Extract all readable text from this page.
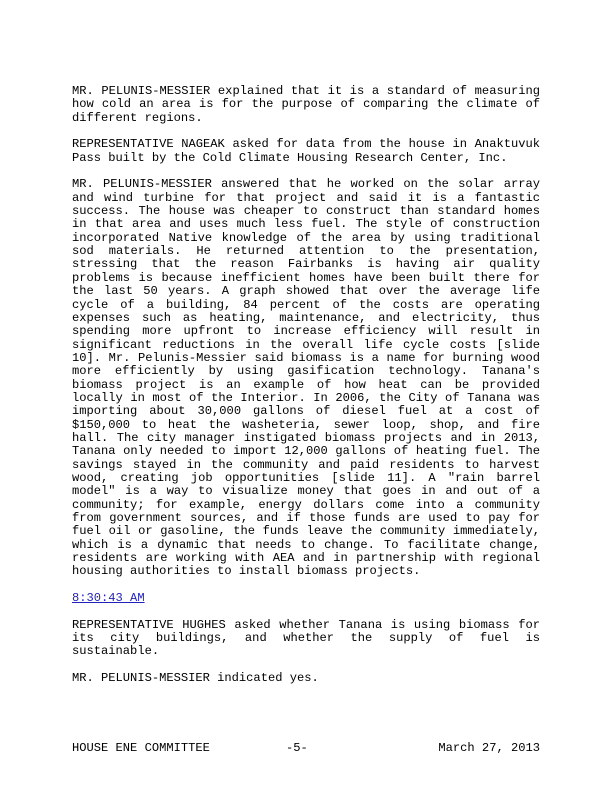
MR. PELUNIS-MESSIER explained that it is a standard of measuring how cold an area is for the purpose of comparing the climate of different regions.

REPRESENTATIVE NAGEAK asked for data from the house in Anaktuvuk Pass built by the Cold Climate Housing Research Center, Inc.

MR. PELUNIS-MESSIER answered that he worked on the solar array and wind turbine for that project and said it is a fantastic success. The house was cheaper to construct than standard homes in that area and uses much less fuel. The style of construction incorporated Native knowledge of the area by using traditional sod materials. He returned attention to the presentation, stressing that the reason Fairbanks is having air quality problems is because inefficient homes have been built there for the last 50 years. A graph showed that over the average life cycle of a building, 84 percent of the costs are operating expenses such as heating, maintenance, and electricity, thus spending more upfront to increase efficiency will result in significant reductions in the overall life cycle costs [slide 10]. Mr. Pelunis-Messier said biomass is a name for burning wood more efficiently by using gasification technology. Tanana's biomass project is an example of how heat can be provided locally in most of the Interior. In 2006, the City of Tanana was importing about 30,000 gallons of diesel fuel at a cost of $150,000 to heat the washeteria, sewer loop, shop, and fire hall. The city manager instigated biomass projects and in 2013, Tanana only needed to import 12,000 gallons of heating fuel. The savings stayed in the community and paid residents to harvest wood, creating job opportunities [slide 11]. A "rain barrel model" is a way to visualize money that goes in and out of a community; for example, energy dollars come into a community from government sources, and if those funds are used to pay for fuel oil or gasoline, the funds leave the community immediately, which is a dynamic that needs to change. To facilitate change, residents are working with AEA and in partnership with regional housing authorities to install biomass projects.

8:30:43 AM

REPRESENTATIVE HUGHES asked whether Tanana is using biomass for its city buildings, and whether the supply of fuel is sustainable.

MR. PELUNIS-MESSIER indicated yes.

HOUSE ENE COMMITTEE	-5-	March 27, 2013
